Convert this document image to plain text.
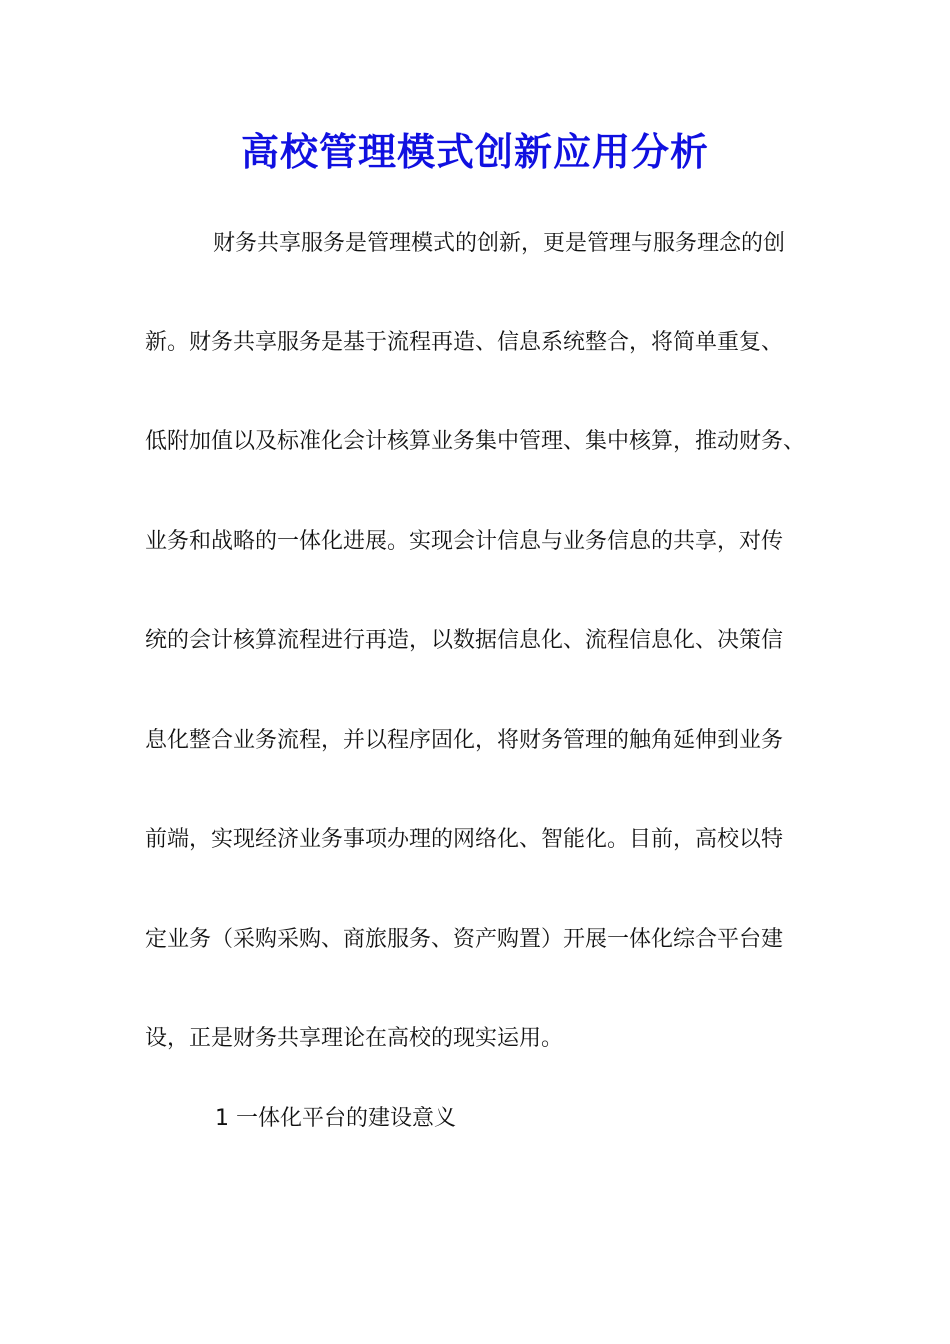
高校管理模式创新应用分析
财务共享服务是管理模式的创新，更是管理与服务理念的创
新。财务共享服务是基于流程再造、信息系统整合，将简单重复、
低附加值以及标准化会计核算业务集中管理、集中核算，推动财务、
业务和战略的一体化进展。实现会计信息与业务信息的共享，对传
统的会计核算流程进行再造，以数据信息化、流程信息化、决策信
息化整合业务流程，并以程序固化，将财务管理的触角延伸到业务
前端，实现经济业务事项办理的网络化、智能化。目前，高校以特
定业务（采购采购、商旅服务、资产购置）开展一体化综合平台建
设，正是财务共享理论在高校的现实运用。
1 一体化平台的建设意义
